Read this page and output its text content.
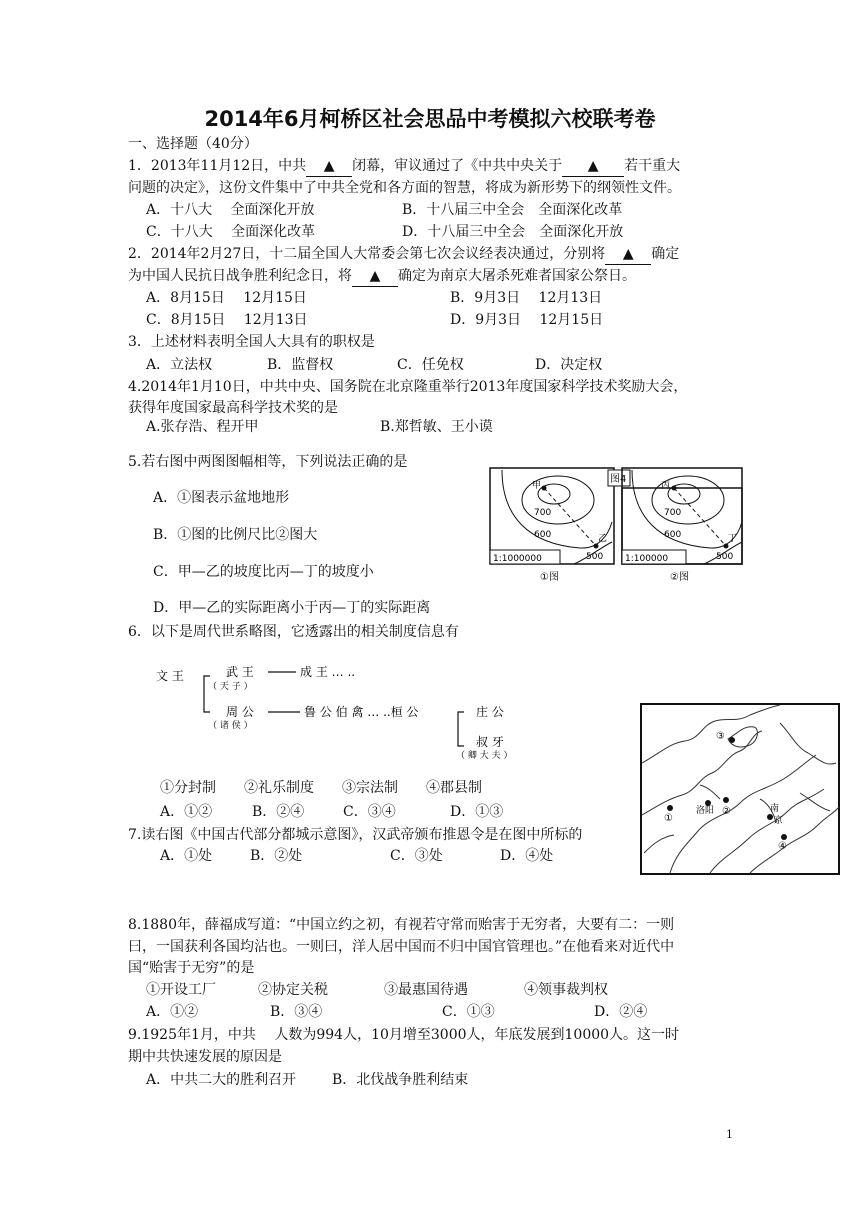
2014年6月柯桥区社会思品中考模拟六校联考卷
一、选择题（40分）
1．2013年11月12日，中共 ▲ 闭幕，审议通过了《中共中央关于 ▲ 若干重大
问题的决定》，这份文件集中了中共全党和各方面的智慧，将成为新形势下的纲领性文件。
A．十八大　 全面深化开放	B．十八届三中全会　全面深化改革
C．十八大　 全面深化改革	D．十八届三中全会　全面深化开放
2．2014年2月27日，十二届全国人大常委会第七次会议经表决通过，分别将 ▲ 确定
为中国人民抗日战争胜利纪念日，将 ▲ 确定为南京大屠杀死难者国家公祭日。
A．8月15日　 12月15日	B．9月3日　 12月13日
C．8月15日　 12月13日	D．9月3日　 12月15日
3．上述材料表明全国人大具有的职权是
A．立法权	B．监督权	C．任免权	D．决定权
4.2014年1月10日，中共中央、国务院在北京隆重举行2013年度国家科学技术奖励大会，
获得年度国家最高科学技术奖的是
A.张存浩、程开甲	B.郑哲敏、王小谟
5.若右图中两图图幅相等，下列说法正确的是
A．①图表示盆地地形
B．①图的比例尺比②图大
C．甲—乙的坡度比丙—丁的坡度小
D．甲—乙的实际距离小于丙—丁的实际距离
甲
乙
700
600
500
1:1000000
①图
图4
丙
丁
700
600
500
1:100000
②图
6．以下是周代世系略图，它透露出的相关制度信息有
文 王	武 王
（ 天 子 ）
成 王 … ..
周 公
（ 诸 侯 ）
鲁 公 伯 禽 … ..桓 公	庄 公
叔 牙
（ 卿 大 夫 ）
①分封制　　②礼乐制度　　③宗法制　　④郡县制
A．①②	B．②④	C．③④	D．①③
7.读右图《中国古代部分都城示意图》，汉武帝颁布推恩令是在图中所标的
A．①处	B．②处	C．③处	D．④处
③
①
洛阳 ②	南
京
④
8.1880年，薛福成写道：“中国立约之初，有视若守常而贻害于无穷者，大要有二：一则
曰，一国获利各国均沾也。一则曰，洋人居中国而不归中国官管理也。”在他看来对近代中
国“贻害于无穷”的是
①开设工厂　　　②协定关税　　　　③最惠国待遇　　　　④领事裁判权
A．①②	B．③④	C．①③	D．②④
9.1925年1月，中共　 人数为994人，10月增至3000人，年底发展到10000人。这一时
期中共快速发展的原因是
A．中共二大的胜利召开	B．北伐战争胜利结束
1
